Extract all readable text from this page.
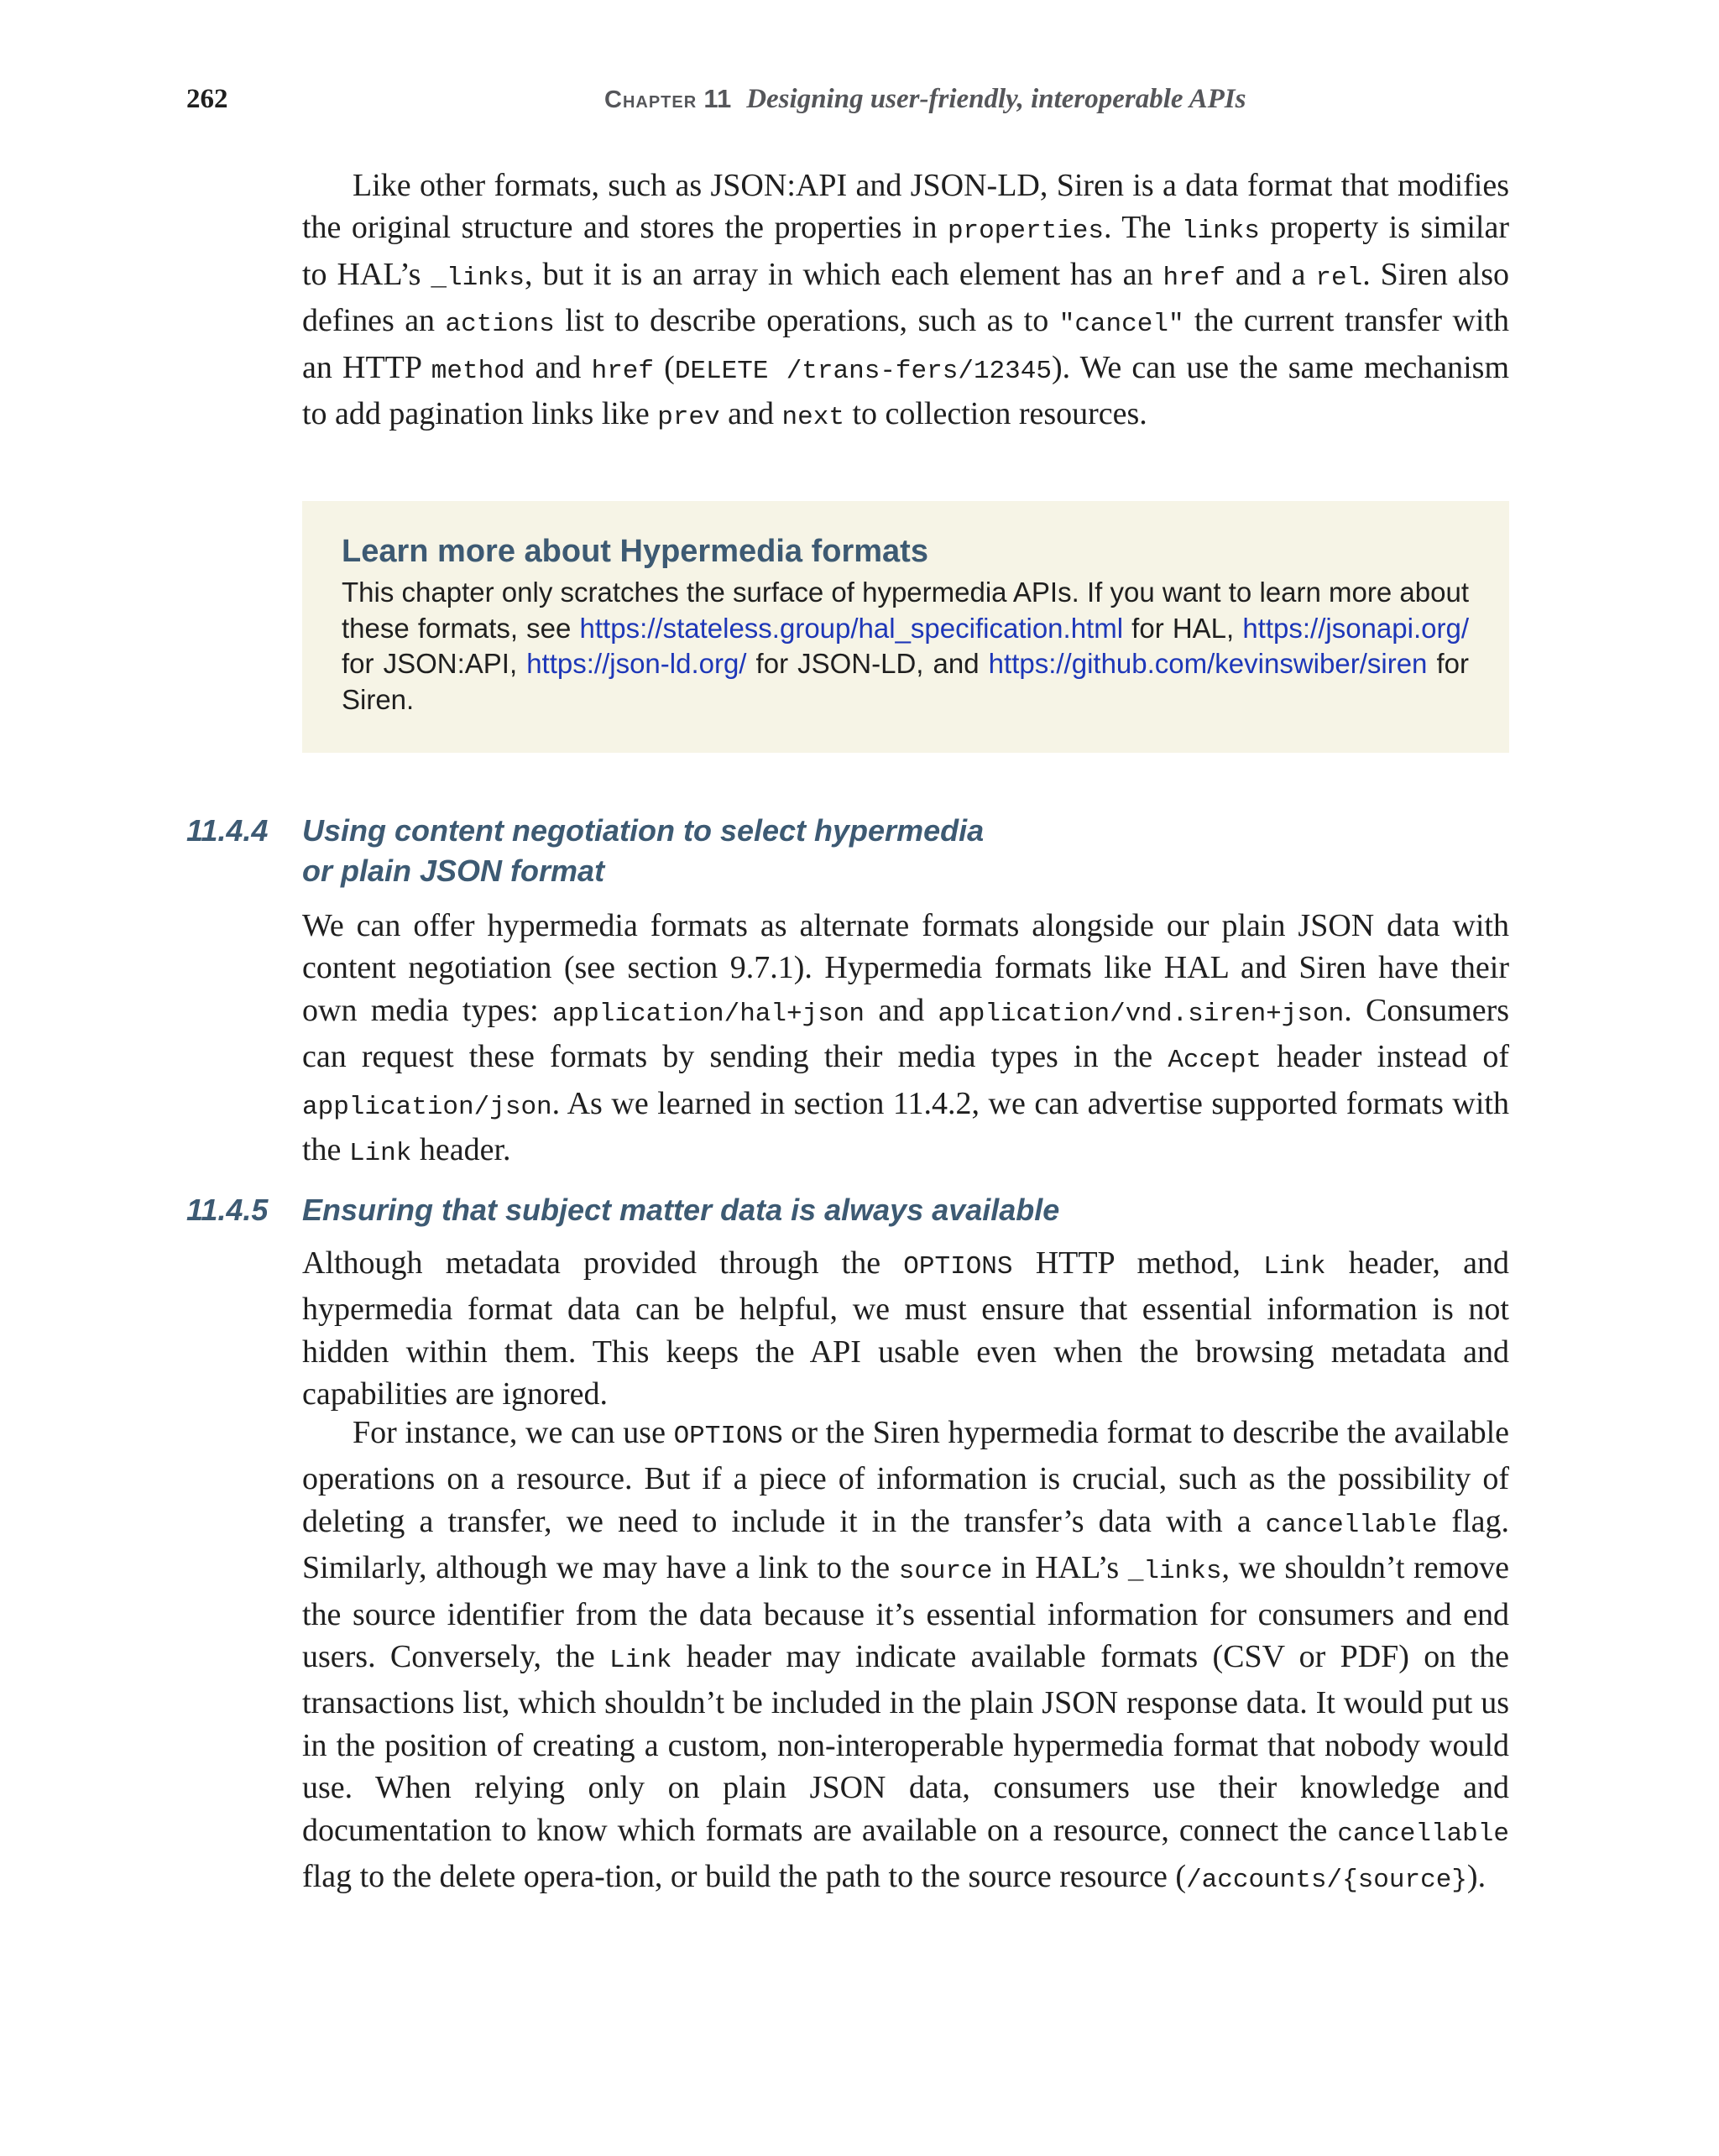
262	Chapter 11 Designing user-friendly, interoperable APIs

Like other formats, such as JSON:API and JSON-LD, Siren is a data format that modifies the original structure and stores the properties in properties. The links property is similar to HAL’s _links, but it is an array in which each element has an href and a rel. Siren also defines an actions list to describe operations, such as to "cancel" the current transfer with an HTTP method and href (DELETE /trans-fers/12345). We can use the same mechanism to add pagination links like prev and next to collection resources.

Learn more about Hypermedia formats

This chapter only scratches the surface of hypermedia APIs. If you want to learn more about these formats, see https://stateless.group/hal_specification.html for HAL, https://jsonapi.org/ for JSON:API, https://json-ld.org/ for JSON-LD, and https://github.com/kevinswiber/siren for Siren.

11.4.4 Using content negotiation to select hypermedia
or plain JSON format

We can offer hypermedia formats as alternate formats alongside our plain JSON data with content negotiation (see section 9.7.1). Hypermedia formats like HAL and Siren have their own media types: application/hal+json and application/vnd.siren+json. Consumers can request these formats by sending their media types in the Accept header instead of application/json. As we learned in section 11.4.2, we can advertise supported formats with the Link header.

11.4.5 Ensuring that subject matter data is always available

Although metadata provided through the OPTIONS HTTP method, Link header, and hypermedia format data can be helpful, we must ensure that essential information is not hidden within them. This keeps the API usable even when the browsing metadata and capabilities are ignored.

For instance, we can use OPTIONS or the Siren hypermedia format to describe the available operations on a resource. But if a piece of information is crucial, such as the possibility of deleting a transfer, we need to include it in the transfer’s data with a cancellable flag. Similarly, although we may have a link to the source in HAL’s _links, we shouldn’t remove the source identifier from the data because it’s essential information for consumers and end users. Conversely, the Link header may indicate available formats (CSV or PDF) on the transactions list, which shouldn’t be included in the plain JSON response data. It would put us in the position of creating a custom, non-interoperable hypermedia format that nobody would use. When relying only on plain JSON data, consumers use their knowledge and documentation to know which formats are available on a resource, connect the cancellable flag to the delete opera-tion, or build the path to the source resource (/accounts/{source}).
